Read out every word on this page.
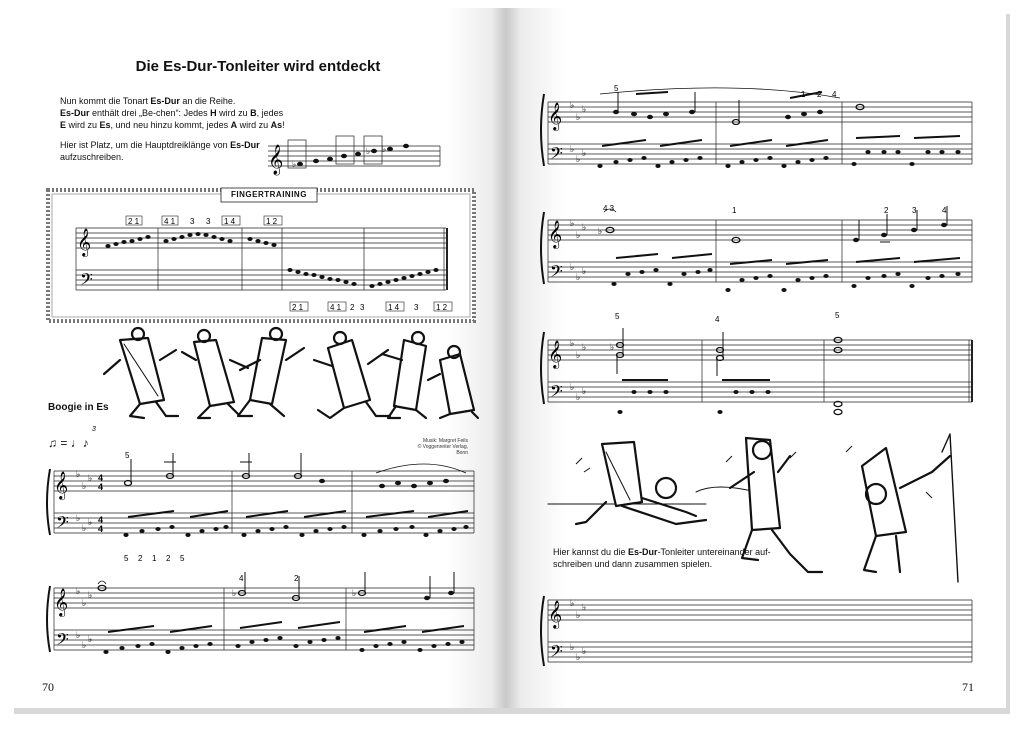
Die Es-Dur-Tonleiter wird entdeckt
Nun kommt die Tonart Es-Dur an die Reihe.
Es-Dur enthält drei „Be-chen“: Jedes H wird zu B, jedes
E wird zu Es, und neu hinzu kommt, jedes A wird zu As!
Hier ist Platz, um die Hauptdreiklänge von Es-Dur
aufzuschreiben.	𝄞 ♭
♭ ♭
𝄞
𝄢
FINGERTRAINING
2 1	4 1 3 3 1 4	1 2
2 1	4 1 2 3	1 4 3 1 2
Boogie in Es
♫ = ♩♪
3
Musik: Margret Feils
© Voggenreiter Verlag, Bonn
𝄞
𝄢
♭
♭
♭
♭
♭
♭
4
4
4
4
5
5 2 1 2 5
𝄞
𝄢
♭
♭
♭
♭
♭
♭
♭	♭
4	2
70
𝄞
𝄢
♭
♭
♭
♭
♭
♭
5
1 2 4
𝄞
𝄢
♭
♭
♭
♭
♭
♭
♭
4 3	1	2	3	4
𝄞
𝄢
♭
♭
♭
♭
♭
♭
♭
5	4	5
Hier kannst du die Es-Dur-Tonleiter untereinander auf-
schreiben und dann zusammen spielen.
𝄞
𝄢
♭
♭
♭
♭
♭
♭
71
